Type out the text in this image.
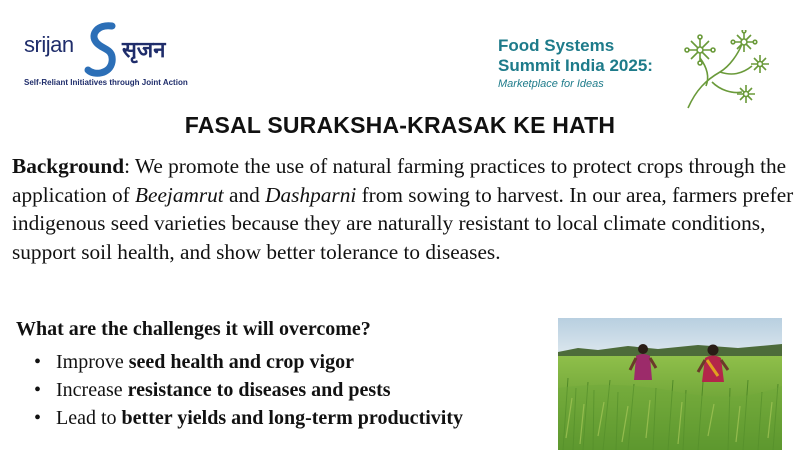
srijan सृजन
Self-Reliant Initiatives through Joint Action
Food Systems
Summit India 2025:
Marketplace for Ideas
FASAL SURAKSHA-KRASAK KE HATH
Background: We promote the use of natural farming practices to protect crops through the application of Beejamrut and Dashparni from sowing to harvest. In our area, farmers prefer indigenous seed varieties because they are naturally resistant to local climate conditions, support soil health, and show better tolerance to diseases.
What are the challenges it will overcome?
• Improve seed health and crop vigor
• Increase resistance to diseases and pests
• Lead to better yields and long-term productivity
